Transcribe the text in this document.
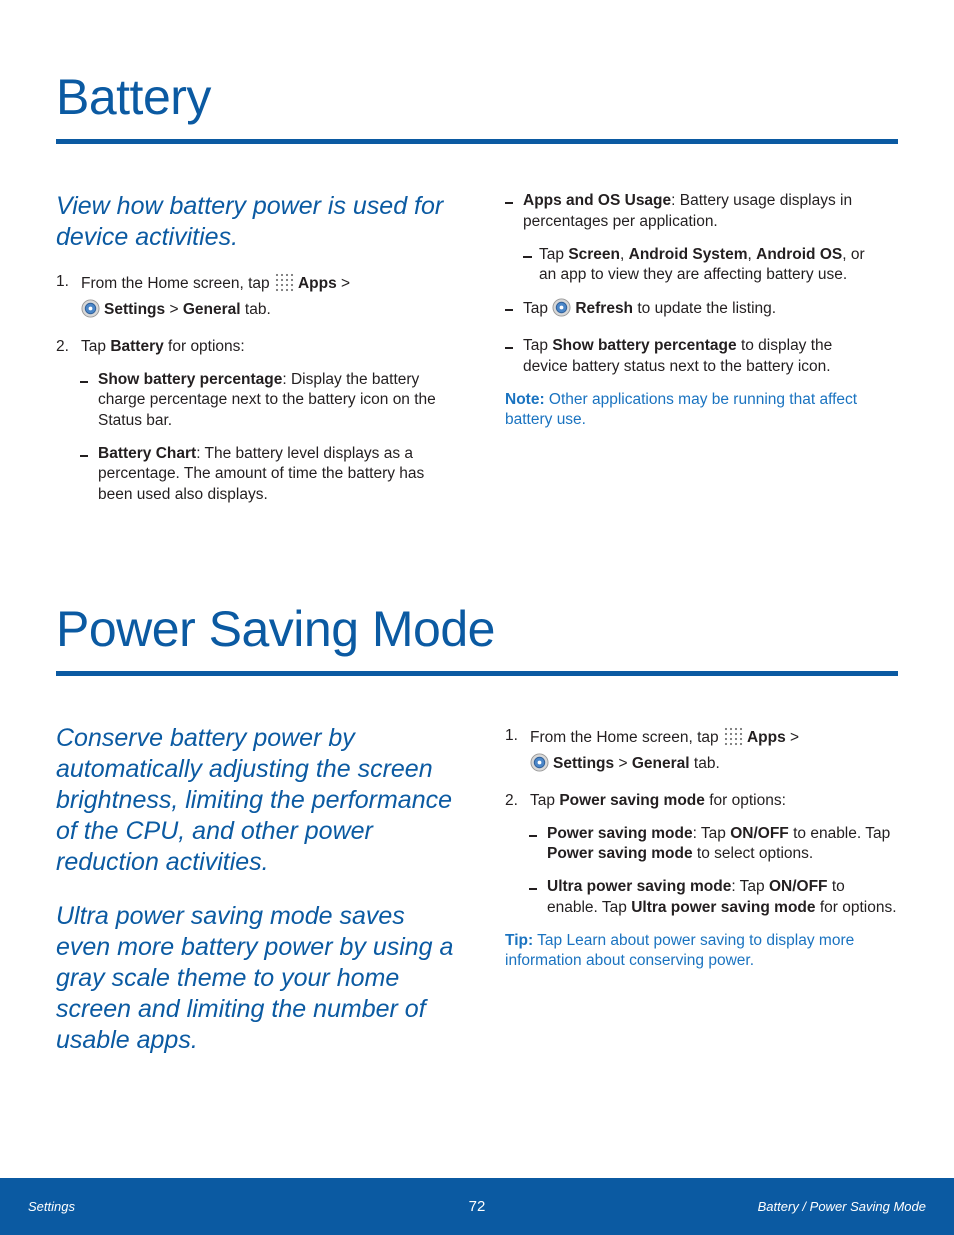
Battery

View how battery power is used for device activities.

1. From the Home screen, tap Apps >
Settings > General tab.
2. Tap Battery for options:
Show battery percentage: Display the battery charge percentage next to the battery icon on the Status bar.
Battery Chart: The battery level displays as a percentage. The amount of time the battery has been used also displays.
Apps and OS Usage: Battery usage displays in percentages per application.
Tap Screen, Android System, Android OS, or an app to view they are affecting battery use.
Tap Refresh to update the listing.
Tap Show battery percentage to display the device battery status next to the battery icon.
Note: Other applications may be running that affect battery use.
Power Saving Mode

Conserve battery power by automatically adjusting the screen brightness, limiting the performance of the CPU, and other power reduction activities.

Ultra power saving mode saves even more battery power by using a gray scale theme to your home screen and limiting the number of usable apps.

1. From the Home screen, tap Apps >
Settings > General tab.
2. Tap Power saving mode for options:
Power saving mode: Tap ON/OFF to enable. Tap Power saving mode to select options.
Ultra power saving mode: Tap ON/OFF to enable. Tap Ultra power saving mode for options.
Tip: Tap Learn about power saving to display more information about conserving power.
Settings	72	Battery / Power Saving Mode
